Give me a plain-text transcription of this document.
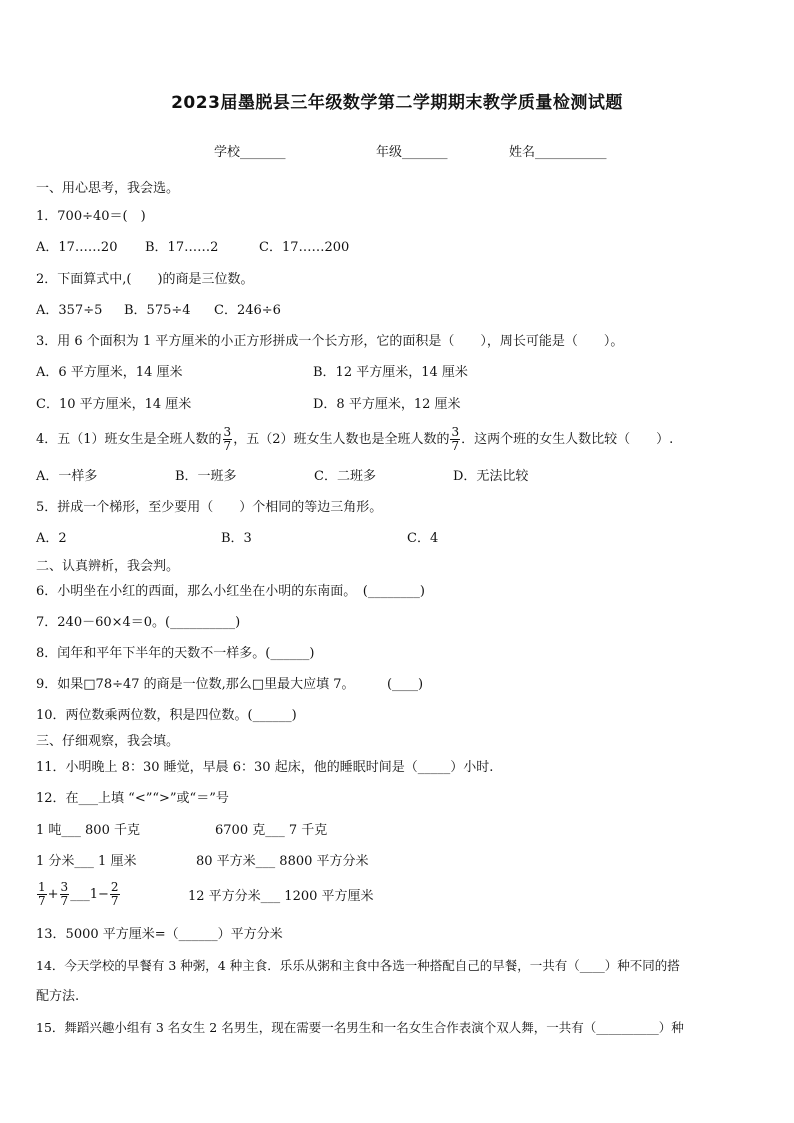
2023届墨脱县三年级数学第二学期期末教学质量检测试题
学校_______	年级_______	姓名___________
一、用心思考，我会选。
1．700÷40＝(　)
A．17……20 B．17……2	C．17……200
2．下面算式中,(　　)的商是三位数。
A．357÷5 B．575÷4 C．246÷6
3．用 6 个面积为 1 平方厘米的小正方形拼成一个长方形，它的面积是（　　），周长可能是（　　）。
A．6 平方厘米，14 厘米	B．12 平方厘米，14 厘米
C．10 平方厘米，14 厘米	D．8 平方厘米，12 厘米
4．五（1）班女生是全班人数的 $\frac{3}{7}$ ，五（2）班女生人数也是全班人数的 $\frac{3}{7}$ ．这两个班的女生人数比较（　　）.
A．一样多	B．一班多	C．二班多	D．无法比较
5．拼成一个梯形，至少要用（　　）个相同的等边三角形。
A．2	B．3	C．4
二、认真辨析，我会判。
6．小明坐在小红的西面，那么小红坐在小明的东南面。　(________)
7．240－60×4＝0。(__________)
8．闰年和平年下半年的天数不一样多。(______)
9．如果□78÷47 的商是一位数,那么□里最大应填 7。　　　(____)
10．两位数乘两位数，积是四位数。(______)
三、仔细观察，我会填。
11．小明晚上 8：30 睡觉，早晨 6：30 起床，他的睡眠时间是（_____）小时.
12．在___上填 “<”“>”或“＝”号
1 吨___ 800 千克	6700 克___ 7 千克
1 分米___ 1 厘米	80 平方米___ 8800 平方分米
$\frac{1}{7} + \frac{3}{7}$ ___1− $\frac{2}{7}$	12 平方分米___ 1200 平方厘米
13．5000 平方厘米=（______）平方分米
14．今天学校的早餐有 3 种粥，4 种主食．乐乐从粥和主食中各选一种搭配自己的早餐，一共有（____）种不同的搭
配方法.
15．舞蹈兴趣小组有 3 名女生 2 名男生，现在需要一名男生和一名女生合作表演个双人舞，一共有（__________）种
